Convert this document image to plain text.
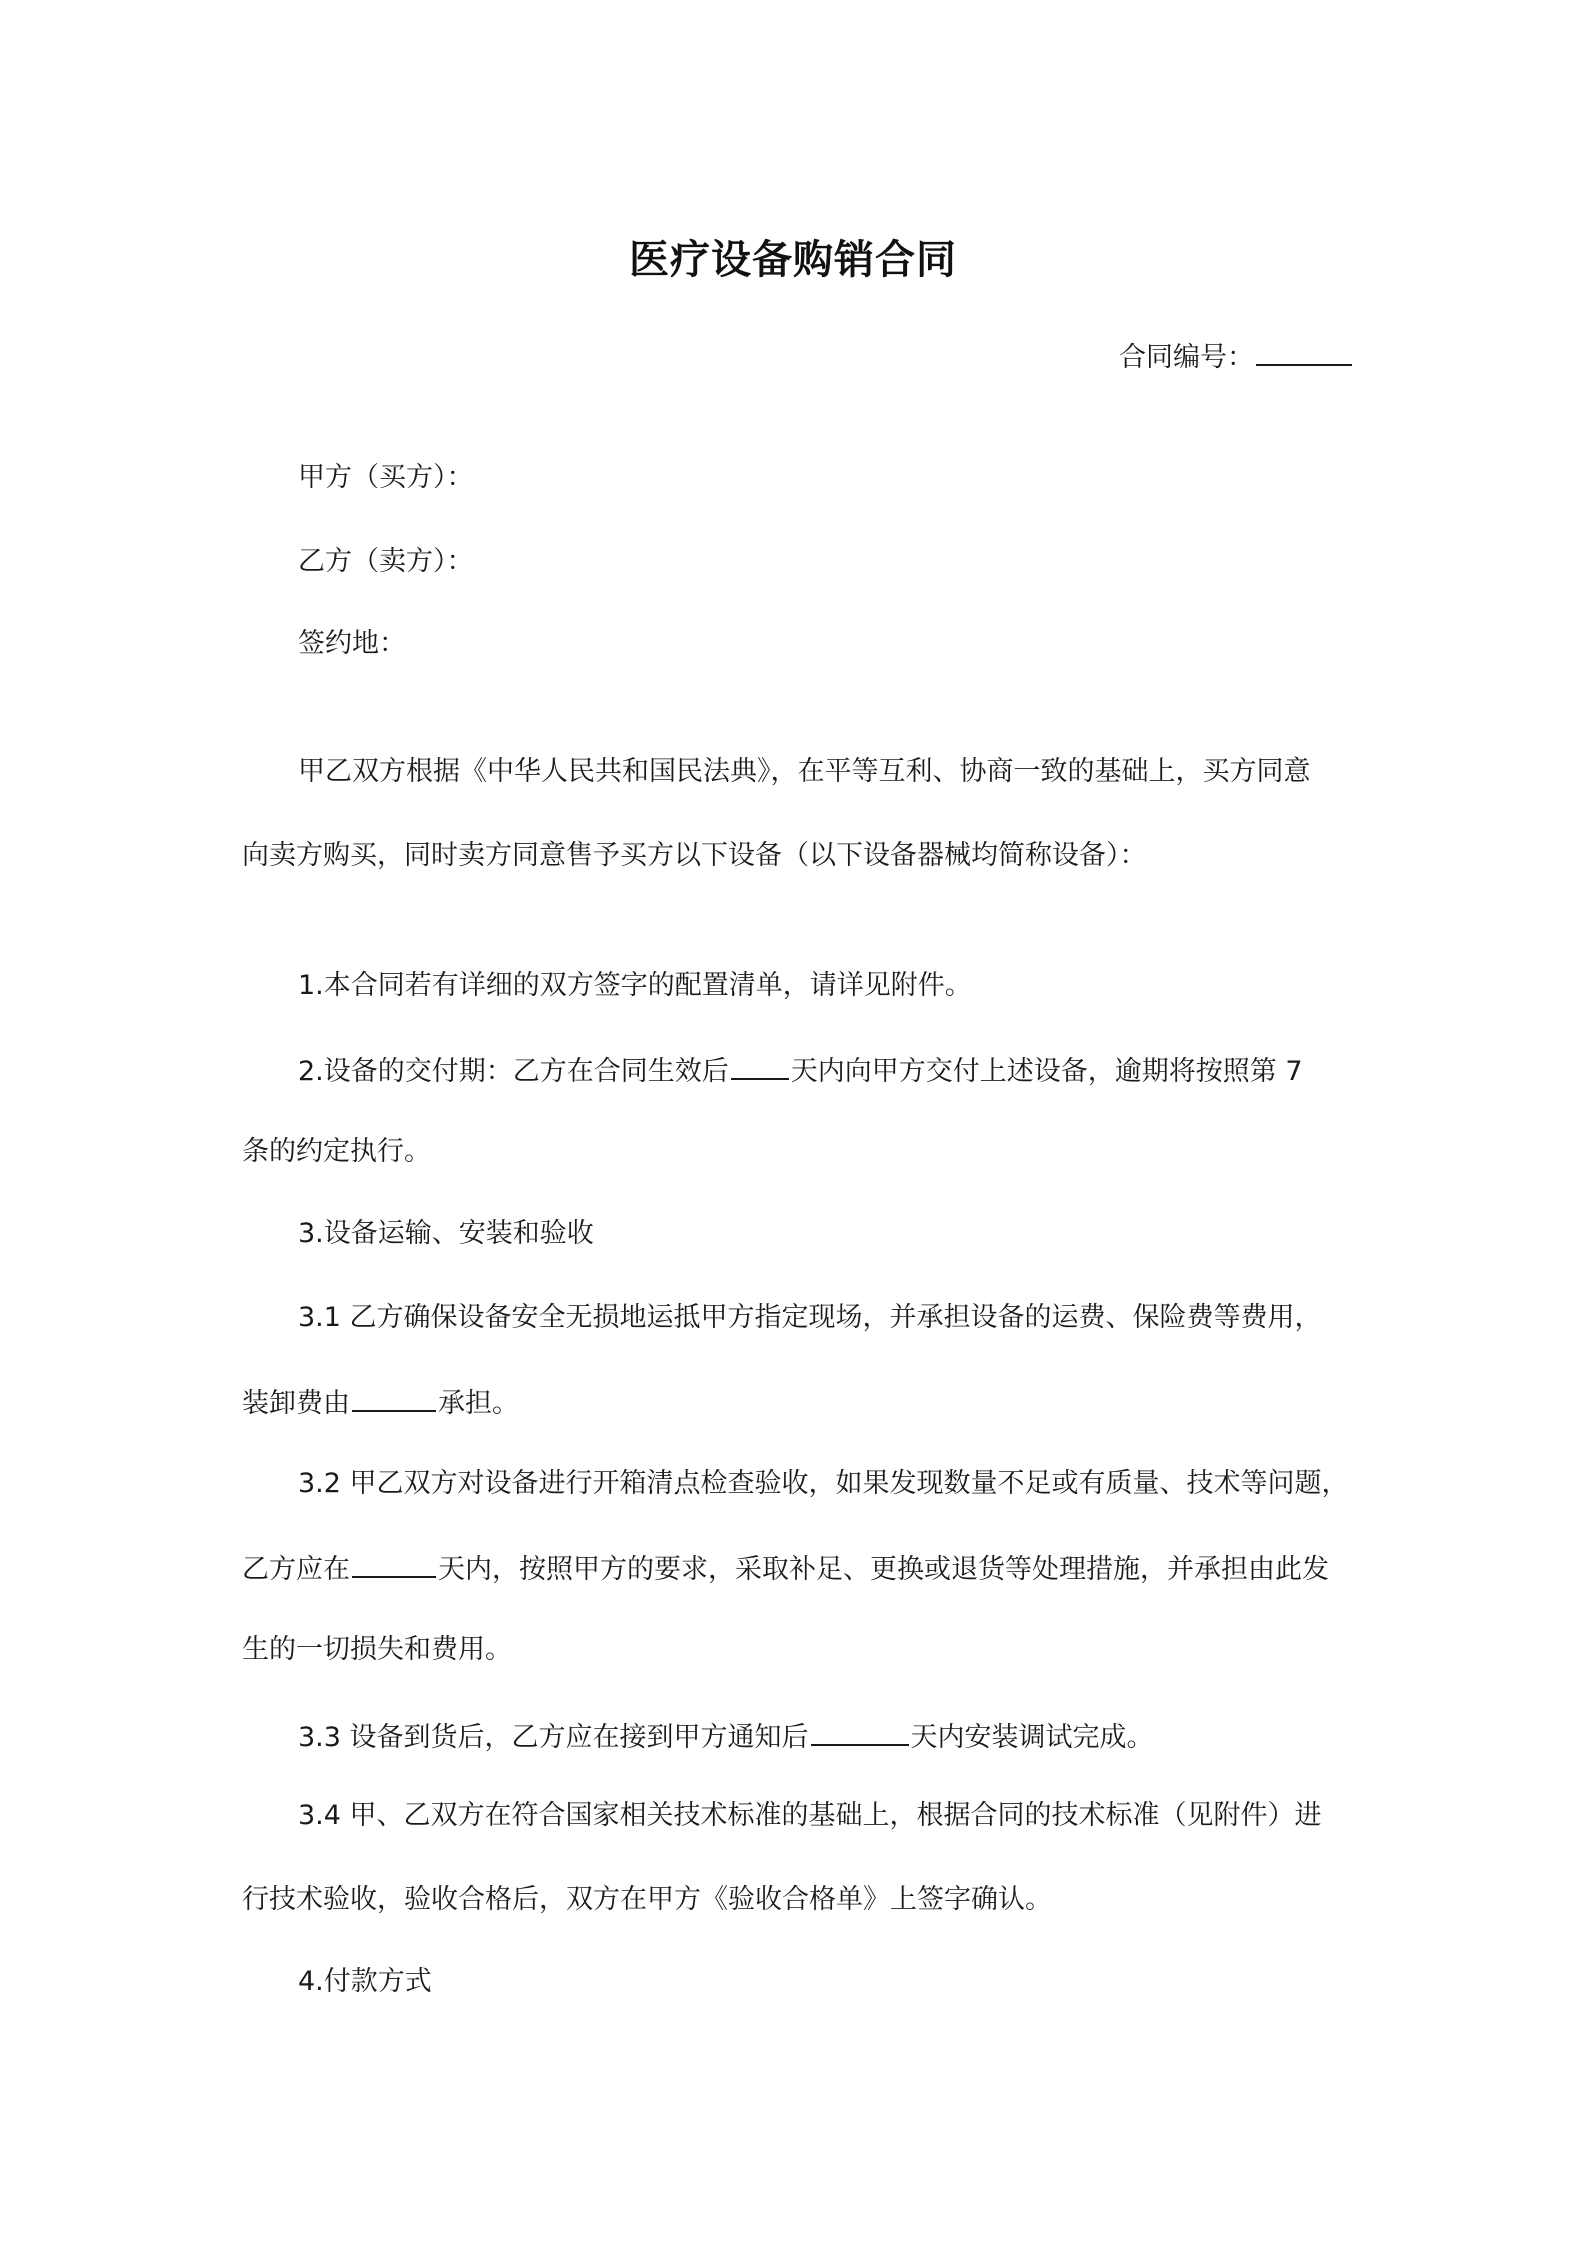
医疗设备购销合同
合同编号：
甲方（买方）：
乙方（卖方）：
签约地：
甲乙双方根据《中华人民共和国民法典》，在平等互利、协商一致的基础上，买方同意
向卖方购买，同时卖方同意售予买方以下设备（以下设备器械均简称设备）：
1.本合同若有详细的双方签字的配置清单，请详见附件。
2.设备的交付期：乙方在合同生效后 天内向甲方交付上述设备，逾期将按照第 7
条的约定执行。
3.设备运输、安装和验收
3.1 乙方确保设备安全无损地运抵甲方指定现场，并承担设备的运费、保险费等费用，
装卸费由	承担。
3.2 甲乙双方对设备进行开箱清点检查验收，如果发现数量不足或有质量、技术等问题，
乙方应在	天内，按照甲方的要求，采取补足、更换或退货等处理措施，并承担由此发
生的一切损失和费用。
3.3 设备到货后，乙方应在接到甲方通知后	天内安装调试完成。
3.4 甲、乙双方在符合国家相关技术标准的基础上，根据合同的技术标准（见附件）进
行技术验收，验收合格后，双方在甲方《验收合格单》上签字确认。
4.付款方式
